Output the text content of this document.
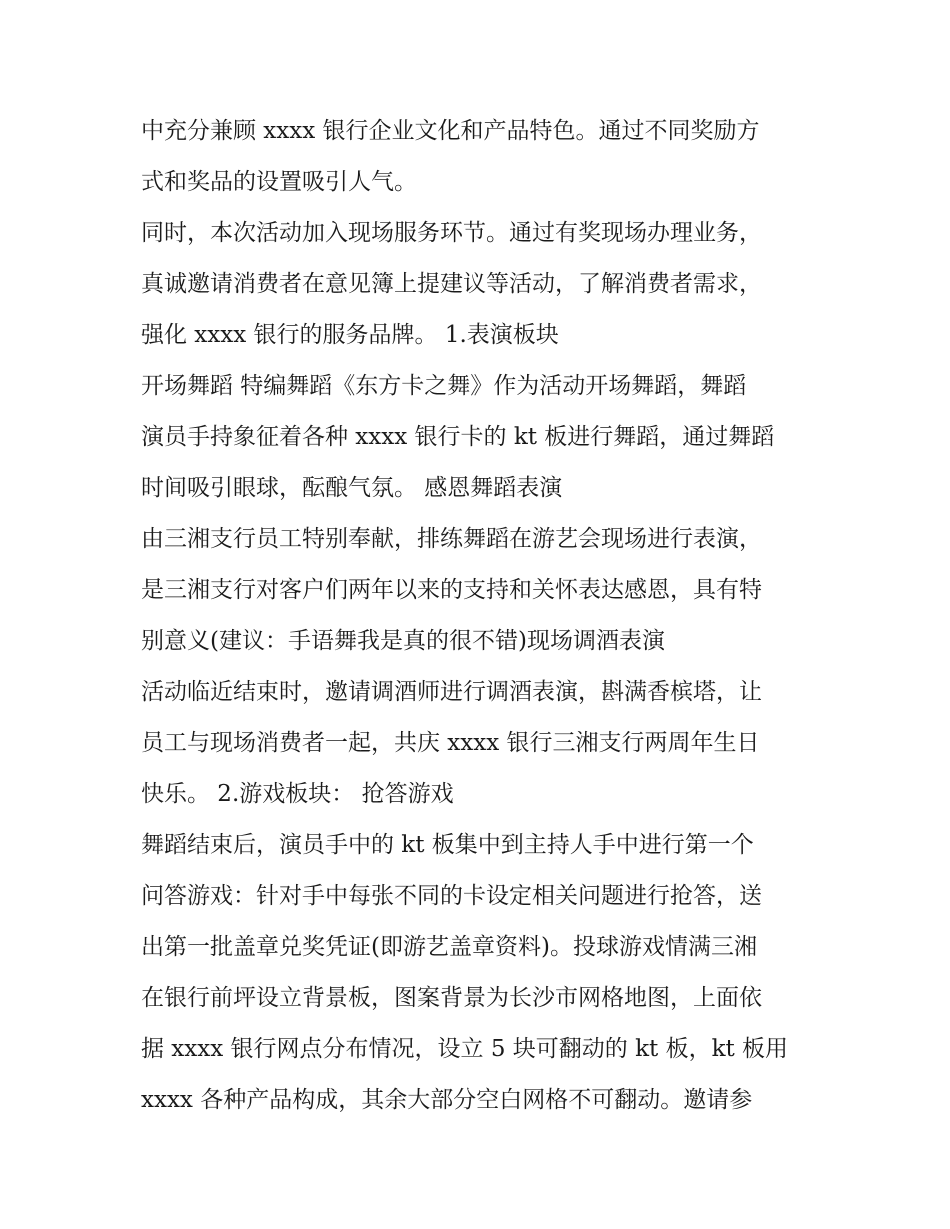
中充分兼顾 xxxx 银行企业文化和产品特色。通过不同奖励方
式和奖品的设置吸引人气。
同时，本次活动加入现场服务环节。通过有奖现场办理业务，
真诚邀请消费者在意见簿上提建议等活动，了解消费者需求，
强化 xxxx 银行的服务品牌。 1.表演板块
开场舞蹈 特编舞蹈《东方卡之舞》作为活动开场舞蹈，舞蹈
演员手持象征着各种 xxxx 银行卡的 kt 板进行舞蹈，通过舞蹈
时间吸引眼球，酝酿气氛。 感恩舞蹈表演
由三湘支行员工特别奉献，排练舞蹈在游艺会现场进行表演，
是三湘支行对客户们两年以来的支持和关怀表达感恩，具有特
别意义(建议：手语舞我是真的很不错)现场调酒表演
活动临近结束时，邀请调酒师进行调酒表演，斟满香槟塔，让
员工与现场消费者一起，共庆 xxxx 银行三湘支行两周年生日
快乐。 2.游戏板块： 抢答游戏
舞蹈结束后，演员手中的 kt 板集中到主持人手中进行第一个
问答游戏：针对手中每张不同的卡设定相关问题进行抢答，送
出第一批盖章兑奖凭证(即游艺盖章资料)。投球游戏情满三湘
在银行前坪设立背景板，图案背景为长沙市网格地图，上面依
据 xxxx 银行网点分布情况，设立 5 块可翻动的 kt 板，kt 板用
xxxx 各种产品构成，其余大部分空白网格不可翻动。邀请参
